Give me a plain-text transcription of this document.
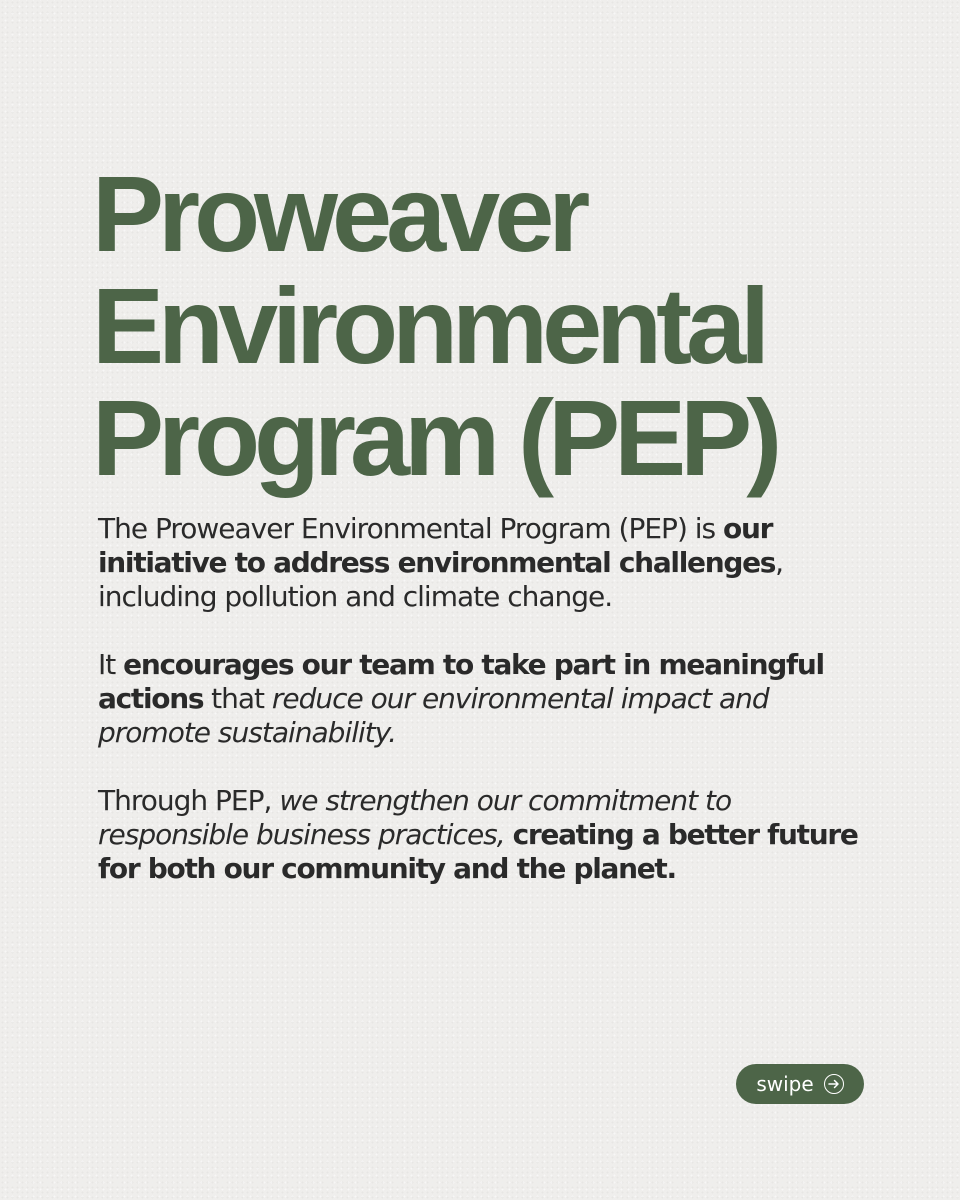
Proweaver
Environmental
Program (PEP)

The Proweaver Environmental Program (PEP) is our initiative to address environmental challenges, including pollution and climate change.

It encourages our team to take part in meaningful actions that reduce our environmental impact and promote sustainability.

Through PEP, we strengthen our commitment to responsible business practices, creating a better future for both our community and the planet.

swipe
